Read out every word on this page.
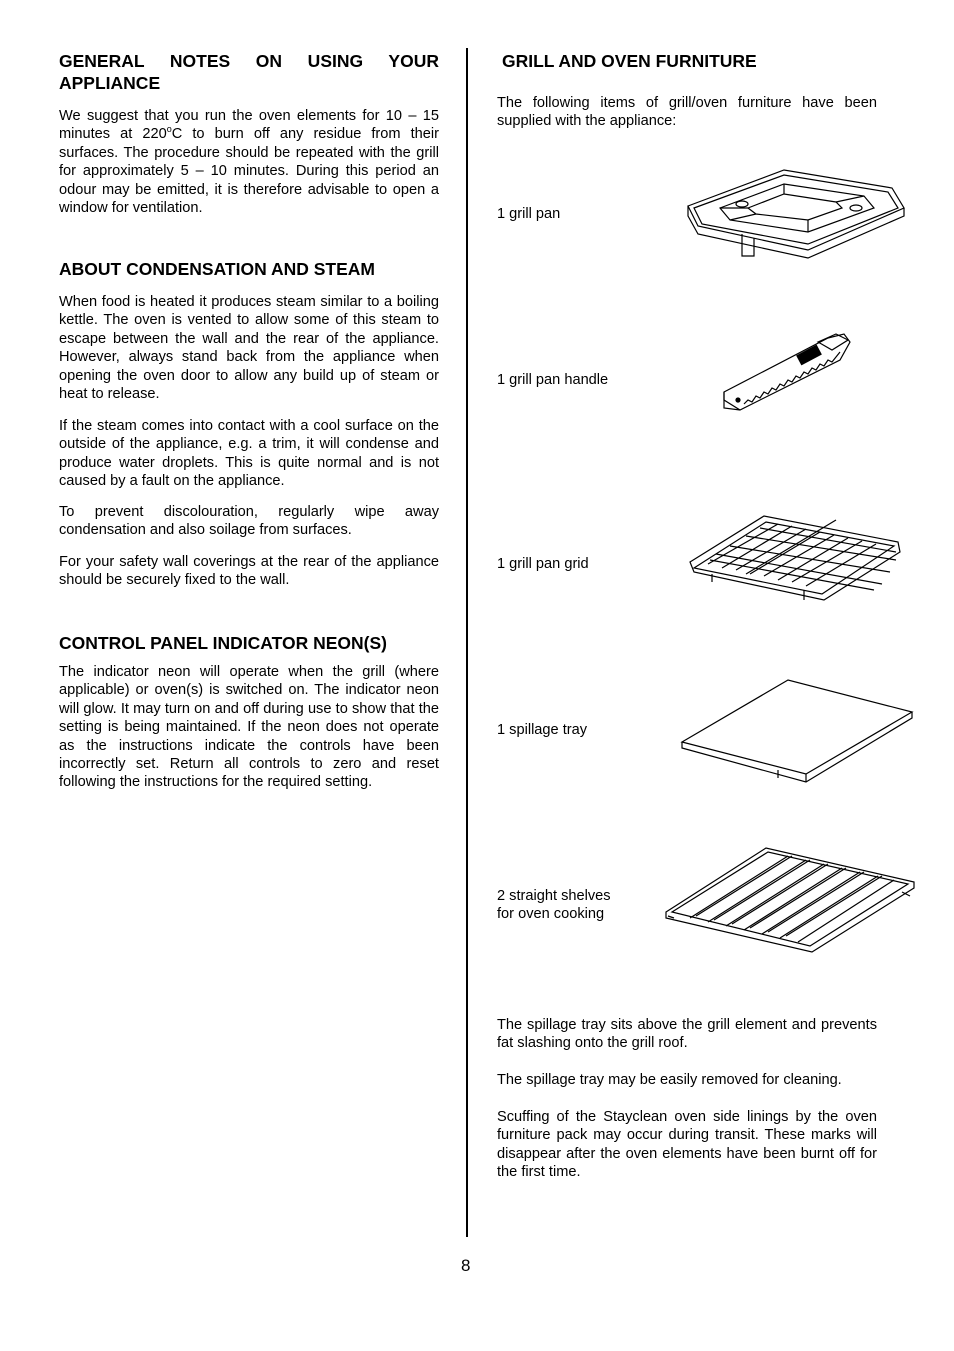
GENERAL NOTES ON USING YOUR
APPLIANCE

We suggest that you run the oven elements for 10 – 15 minutes at 220$^o$C to burn off any residue from their surfaces. The procedure should be repeated with the grill for approximately 5 – 10 minutes. During this period an odour may be emitted, it is therefore advisable to open a window for ventilation.

ABOUT CONDENSATION AND STEAM

When food is heated it produces steam similar to a boiling kettle. The oven is vented to allow some of this steam to escape between the wall and the rear of the appliance. However, always stand back from the appliance when opening the oven door to allow any build up of steam or heat to release.

If the steam comes into contact with a cool surface on the outside of the appliance, e.g. a trim, it will condense and produce water droplets. This is quite normal and is not caused by a fault on the appliance.

To prevent discolouration, regularly wipe away condensation and also soilage from surfaces.

For your safety wall coverings at the rear of the appliance should be securely fixed to the wall.

CONTROL PANEL INDICATOR NEON(S)

The indicator neon will operate when the grill (where applicable) or oven(s) is switched on. The indicator neon will glow. It may turn on and off during use to show that the setting is being maintained. If the neon does not operate as the instructions indicate the controls have been incorrectly set. Return all controls to zero and reset following the instructions for the required setting.

GRILL AND OVEN FURNITURE

The following items of grill/oven furniture have been supplied with the appliance:

1 grill pan
1 grill pan handle
1 grill pan grid
1 spillage tray
2 straight shelves
for oven cooking

The spillage tray sits above the grill element and prevents fat slashing onto the grill roof.

The spillage tray may be easily removed for cleaning.

Scuffing of the Stayclean oven side linings by the oven furniture pack may occur during transit. These marks will disappear after the oven elements have been burnt off for the first time.

8
